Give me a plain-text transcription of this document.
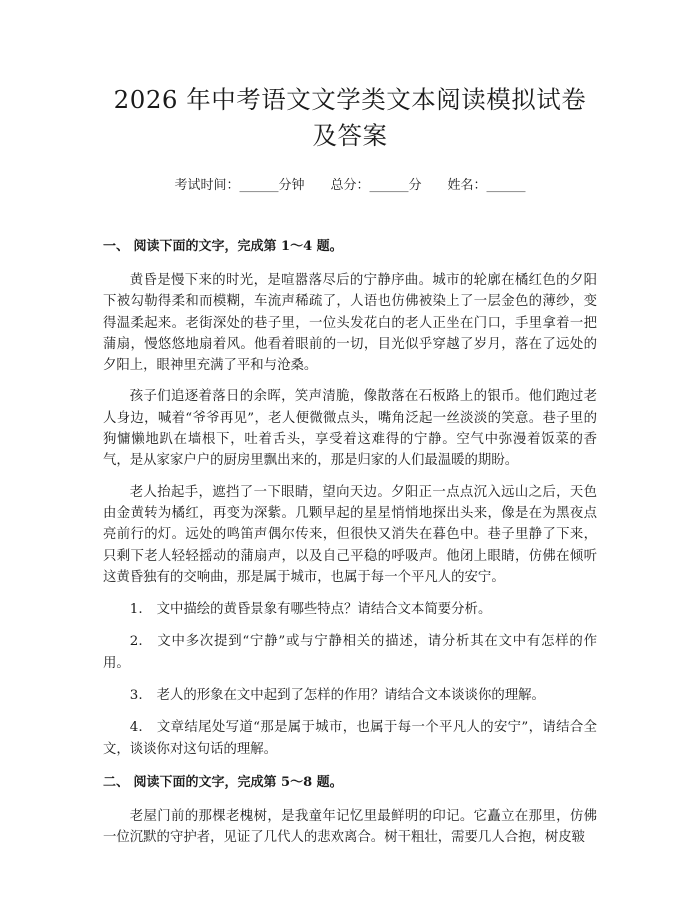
2026 年中考语文文学类文本阅读模拟试卷及答案
考试时间：______分钟 总分：______分 姓名：______
一、 阅读下面的文字，完成第 1～4 题。

黄昏是慢下来的时光，是喧嚣落尽后的宁静序曲。城市的轮廓在橘红色的夕阳下被勾勒得柔和而模糊，车流声稀疏了，人语也仿佛被染上了一层金色的薄纱，变得温柔起来。老街深处的巷子里，一位头发花白的老人正坐在门口，手里拿着一把蒲扇，慢悠悠地扇着风。他看着眼前的一切，目光似乎穿越了岁月，落在了远处的夕阳上，眼神里充满了平和与沧桑。

孩子们追逐着落日的余晖，笑声清脆，像散落在石板路上的银币。他们跑过老人身边，喊着“爷爷再见”，老人便微微点头，嘴角泛起一丝淡淡的笑意。巷子里的狗慵懒地趴在墙根下，吐着舌头，享受着这难得的宁静。空气中弥漫着饭菜的香气，是从家家户户的厨房里飘出来的，那是归家的人们最温暖的期盼。

老人抬起手，遮挡了一下眼睛，望向天边。夕阳正一点点沉入远山之后，天色由金黄转为橘红，再变为深紫。几颗早起的星星悄悄地探出头来，像是在为黑夜点亮前行的灯。远处的鸣笛声偶尔传来，但很快又消失在暮色中。巷子里静了下来，只剩下老人轻轻摇动的蒲扇声，以及自己平稳的呼吸声。他闭上眼睛，仿佛在倾听这黄昏独有的交响曲，那是属于城市，也属于每一个平凡人的安宁。

1. 文中描绘的黄昏景象有哪些特点？请结合文本简要分析。

2. 文中多次提到“宁静”或与宁静相关的描述，请分析其在文中有怎样的作用。

3. 老人的形象在文中起到了怎样的作用？请结合文本谈谈你的理解。

4. 文章结尾处写道“那是属于城市，也属于每一个平凡人的安宁”，请结合全文，谈谈你对这句话的理解。

二、 阅读下面的文字，完成第 5～8 题。

老屋门前的那棵老槐树，是我童年记忆里最鲜明的印记。它矗立在那里，仿佛一位沉默的守护者，见证了几代人的悲欢离合。树干粗壮，需要几人合抱，树皮皲
